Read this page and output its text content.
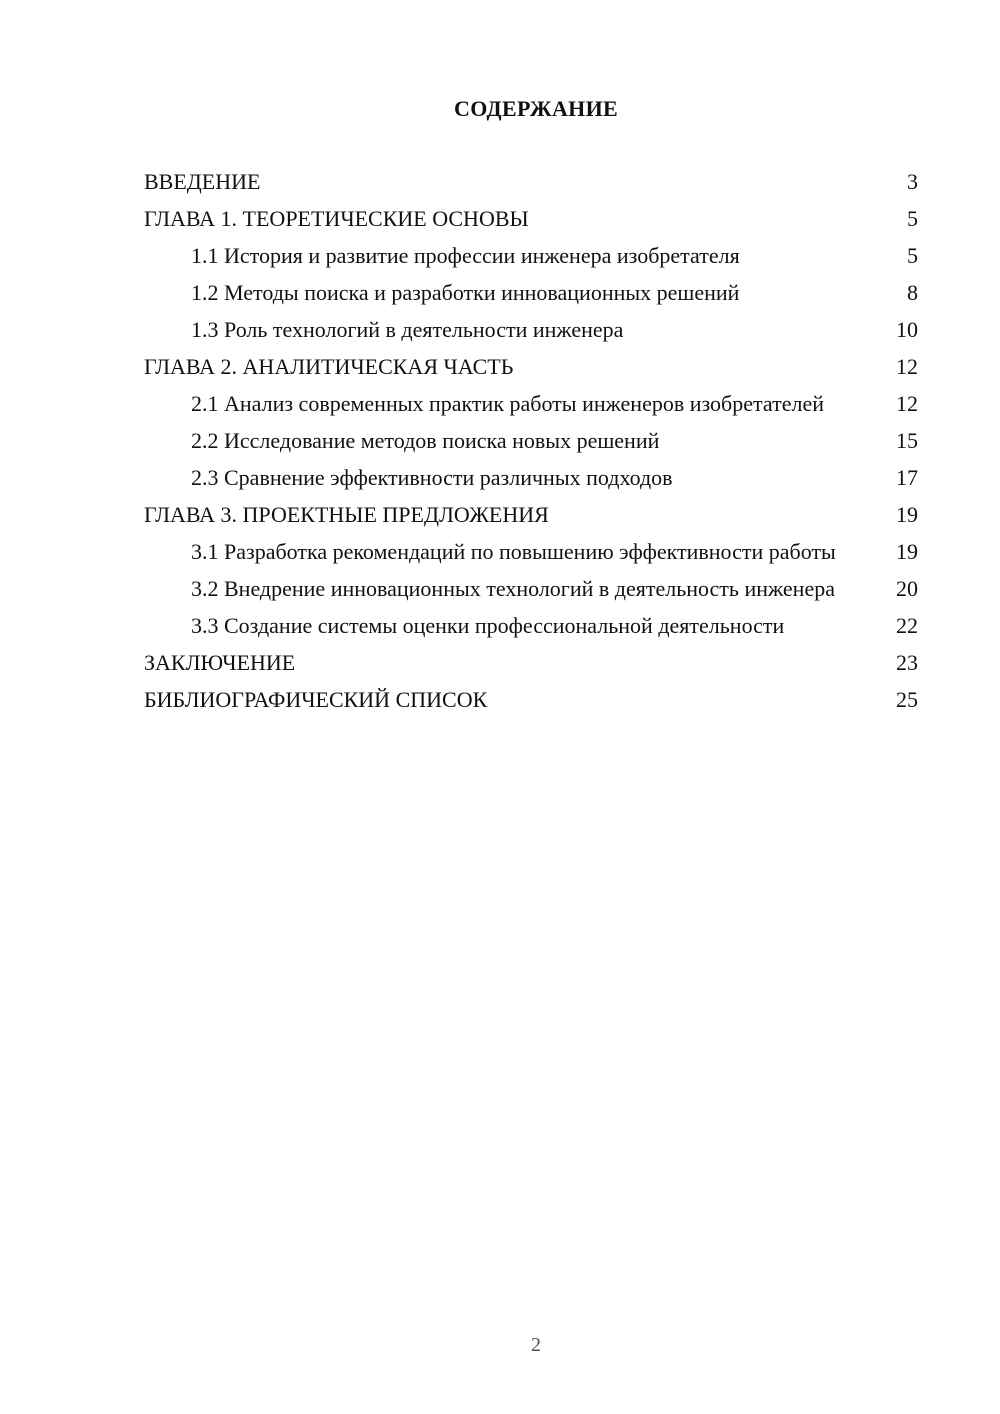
СОДЕРЖАНИЕ
ВВЕДЕНИЕ	3
ГЛАВА 1. ТЕОРЕТИЧЕСКИЕ ОСНОВЫ	5
1.1 История и развитие профессии инженера изобретателя	5
1.2 Методы поиска и разработки инновационных решений	8
1.3 Роль технологий в деятельности инженера	10
ГЛАВА 2. АНАЛИТИЧЕСКАЯ ЧАСТЬ	12
2.1 Анализ современных практик работы инженеров изобретателей	12
2.2 Исследование методов поиска новых решений	15
2.3 Сравнение эффективности различных подходов	17
ГЛАВА 3. ПРОЕКТНЫЕ ПРЕДЛОЖЕНИЯ	19
3.1 Разработка рекомендаций по повышению эффективности работы	19
3.2 Внедрение инновационных технологий в деятельность инженера	20
3.3 Создание системы оценки профессиональной деятельности	22
ЗАКЛЮЧЕНИЕ	23
БИБЛИОГРАФИЧЕСКИЙ СПИСОК	25
2
